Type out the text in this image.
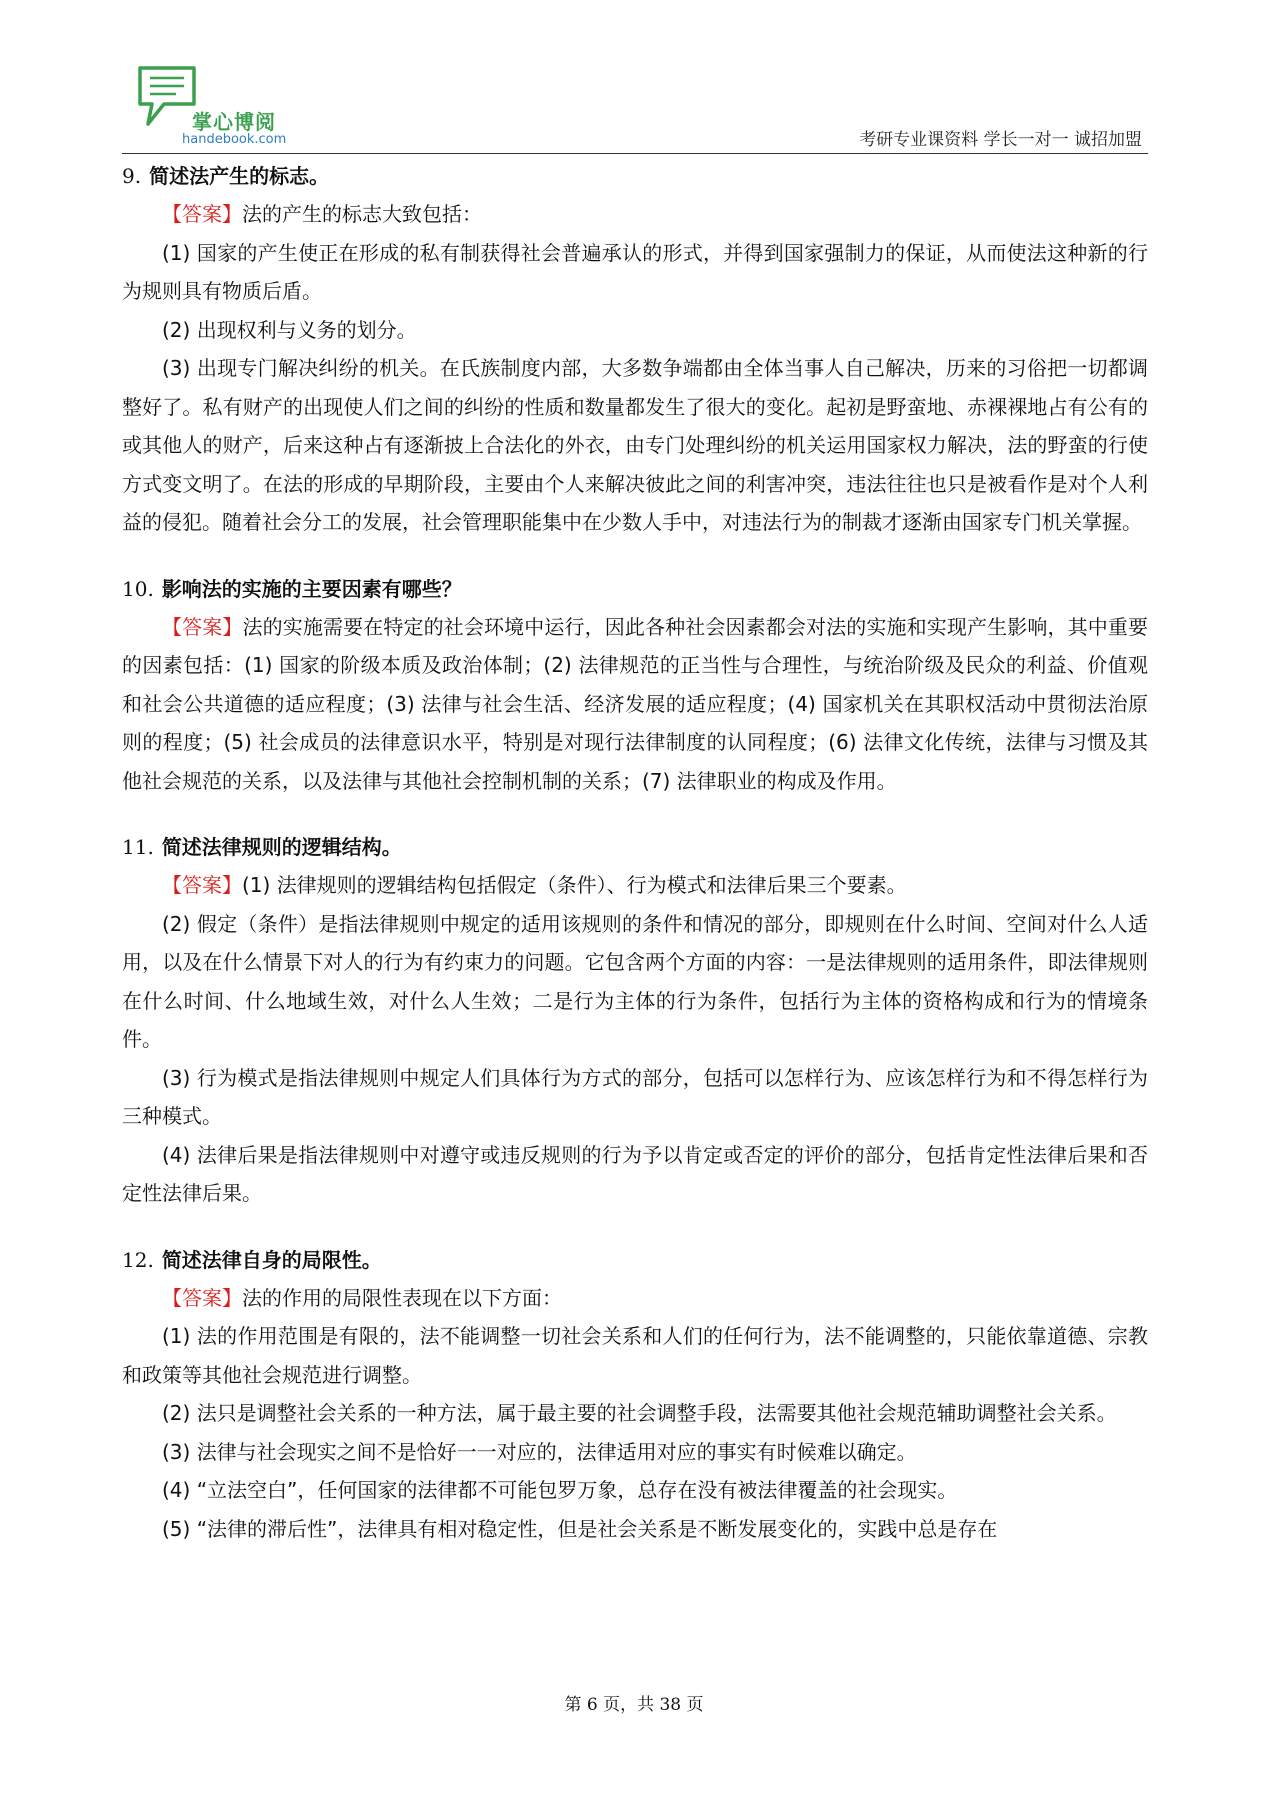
掌心博阅
handebook.com	考研专业课资料 学长一对一 诚招加盟
9. 简述法产生的标志。

【答案】法的产生的标志大致包括：

(1) 国家的产生使正在形成的私有制获得社会普遍承认的形式，并得到国家强制力的保证，从而使法这种新的行为规则具有物质后盾。

(2) 出现权利与义务的划分。

(3) 出现专门解决纠纷的机关。在氏族制度内部，大多数争端都由全体当事人自己解决，历来的习俗把一切都调整好了。私有财产的出现使人们之间的纠纷的性质和数量都发生了很大的变化。起初是野蛮地、赤裸裸地占有公有的或其他人的财产，后来这种占有逐渐披上合法化的外衣，由专门处理纠纷的机关运用国家权力解决，法的野蛮的行使方式变文明了。在法的形成的早期阶段，主要由个人来解决彼此之间的利害冲突，违法往往也只是被看作是对个人利益的侵犯。随着社会分工的发展，社会管理职能集中在少数人手中，对违法行为的制裁才逐渐由国家专门机关掌握。

10. 影响法的实施的主要因素有哪些？

【答案】法的实施需要在特定的社会环境中运行，因此各种社会因素都会对法的实施和实现产生影响，其中重要的因素包括：(1) 国家的阶级本质及政治体制；(2) 法律规范的正当性与合理性，与统治阶级及民众的利益、价值观和社会公共道德的适应程度；(3) 法律与社会生活、经济发展的适应程度；(4) 国家机关在其职权活动中贯彻法治原则的程度；(5) 社会成员的法律意识水平，特别是对现行法律制度的认同程度；(6) 法律文化传统，法律与习惯及其他社会规范的关系，以及法律与其他社会控制机制的关系；(7) 法律职业的构成及作用。

11. 简述法律规则的逻辑结构。

【答案】(1) 法律规则的逻辑结构包括假定（条件）、行为模式和法律后果三个要素。

(2) 假定（条件）是指法律规则中规定的适用该规则的条件和情况的部分，即规则在什么时间、空间对什么人适用，以及在什么情景下对人的行为有约束力的问题。它包含两个方面的内容：一是法律规则的适用条件，即法律规则在什么时间、什么地域生效，对什么人生效；二是行为主体的行为条件，包括行为主体的资格构成和行为的情境条件。

(3) 行为模式是指法律规则中规定人们具体行为方式的部分，包括可以怎样行为、应该怎样行为和不得怎样行为三种模式。

(4) 法律后果是指法律规则中对遵守或违反规则的行为予以肯定或否定的评价的部分，包括肯定性法律后果和否定性法律后果。

12. 简述法律自身的局限性。

【答案】法的作用的局限性表现在以下方面：

(1) 法的作用范围是有限的，法不能调整一切社会关系和人们的任何行为，法不能调整的，只能依靠道德、宗教和政策等其他社会规范进行调整。

(2) 法只是调整社会关系的一种方法，属于最主要的社会调整手段，法需要其他社会规范辅助调整社会关系。

(3) 法律与社会现实之间不是恰好一一对应的，法律适用对应的事实有时候难以确定。

(4) “立法空白”，任何国家的法律都不可能包罗万象，总存在没有被法律覆盖的社会现实。

(5) “法律的滞后性”，法律具有相对稳定性，但是社会关系是不断发展变化的，实践中总是存在

第 6 页，共 38 页
